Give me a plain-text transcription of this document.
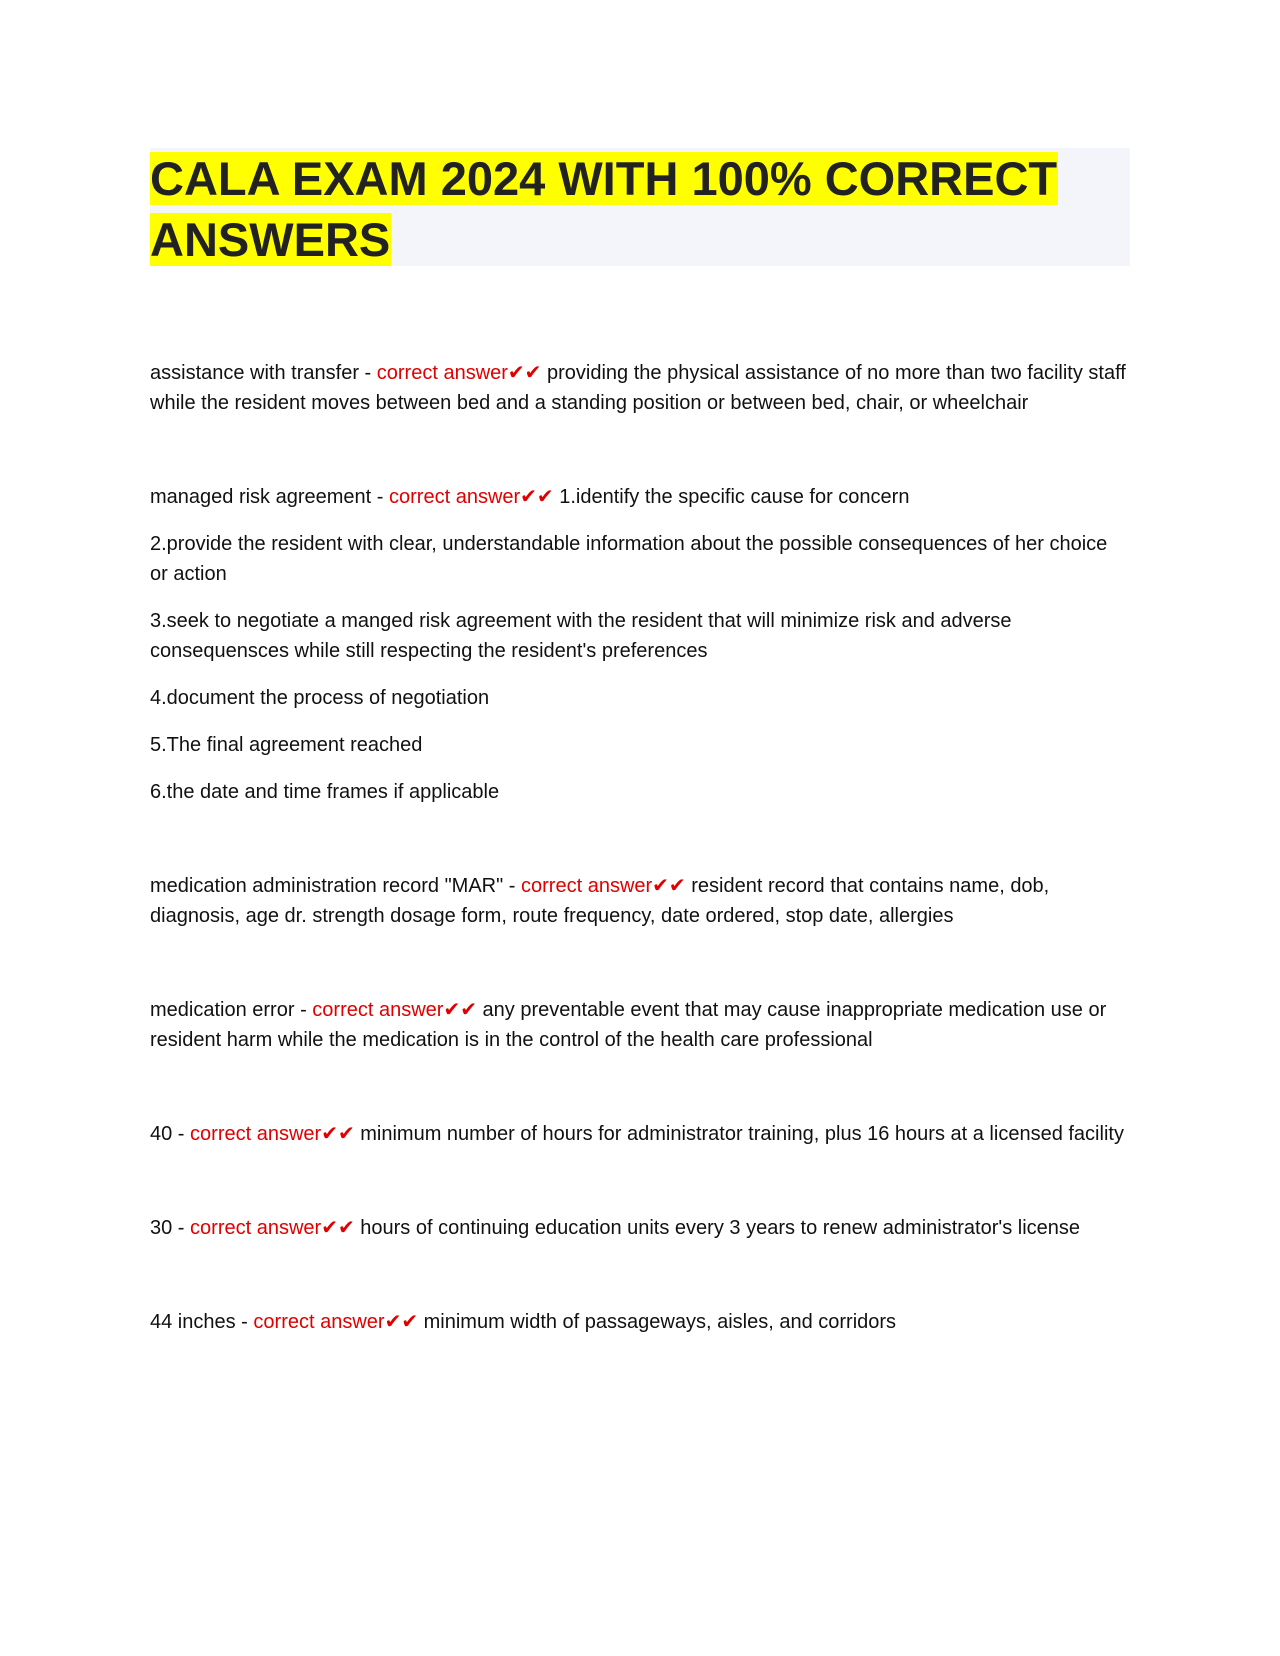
CALA EXAM 2024 WITH 100% CORRECT ANSWERS

assistance with transfer - correct answer✔✔ providing the physical assistance of no more than two facility staff while the resident moves between bed and a standing position or between bed, chair, or wheelchair

managed risk agreement - correct answer✔✔ 1.identify the specific cause for concern

2.provide the resident with clear, understandable information about the possible consequences of her choice or action

3.seek to negotiate a manged risk agreement with the resident that will minimize risk and adverse consequensces while still respecting the resident's preferences

4.document the process of negotiation

5.The final agreement reached

6.the date and time frames if applicable

medication administration record "MAR" - correct answer✔✔ resident record that contains name, dob, diagnosis, age dr. strength dosage form, route frequency, date ordered, stop date, allergies

medication error - correct answer✔✔ any preventable event that may cause inappropriate medication use or resident harm while the medication is in the control of the health care professional

40 - correct answer✔✔ minimum number of hours for administrator training, plus 16 hours at a licensed facility

30 - correct answer✔✔ hours of continuing education units every 3 years to renew administrator's license

44 inches - correct answer✔✔ minimum width of passageways, aisles, and corridors
